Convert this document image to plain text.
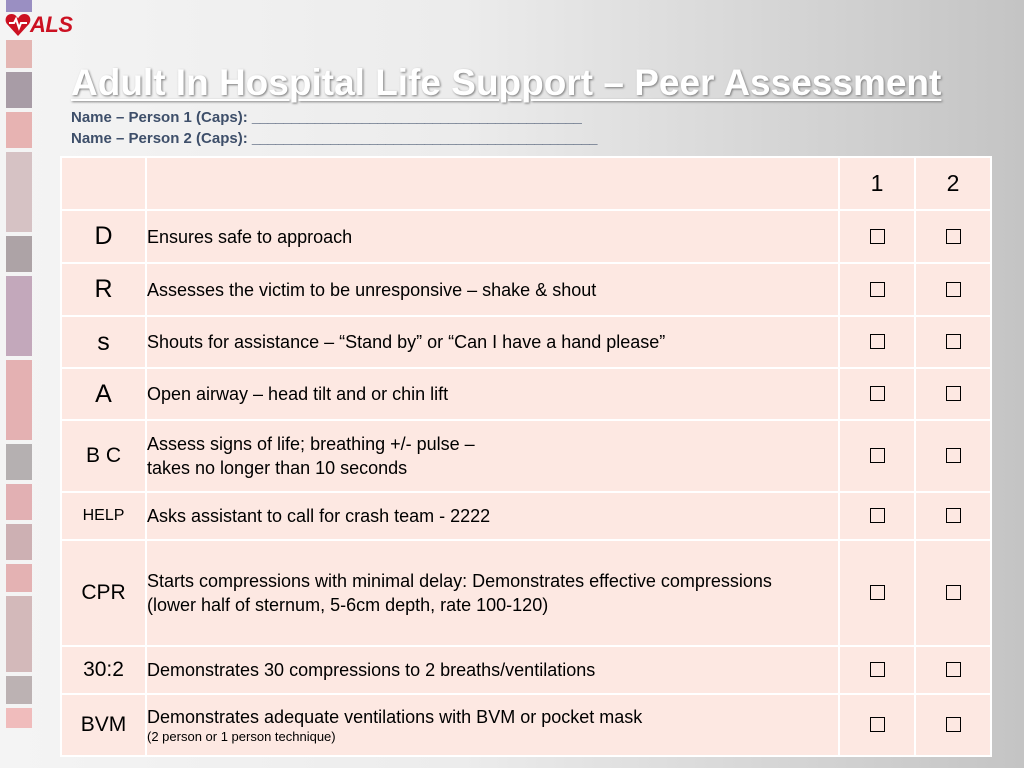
ALS
Adult In Hospital Life Support – Peer Assessment
Name – Person 1 (Caps): __________________________________________
Name – Person 2 (Caps): ____________________________________________
		1	2
D	Ensures safe to approach		
R	Assesses the victim to be unresponsive – shake & shout		
s	Shouts for assistance – “Stand by” or “Can I have a hand please”		
A	Open airway – head tilt and or chin lift		
B C	Assess signs of life; breathing +/- pulse –
takes no longer than 10 seconds		
HELP	Asks assistant to call for crash team - 2222		
CPR	Starts compressions with minimal delay: Demonstrates effective compressions
(lower half of sternum, 5-6cm depth, rate 100-120)		
30:2	Demonstrates 30 compressions to 2 breaths/ventilations		
BVM	Demonstrates adequate ventilations with BVM or pocket mask
(2 person or 1 person technique)		
